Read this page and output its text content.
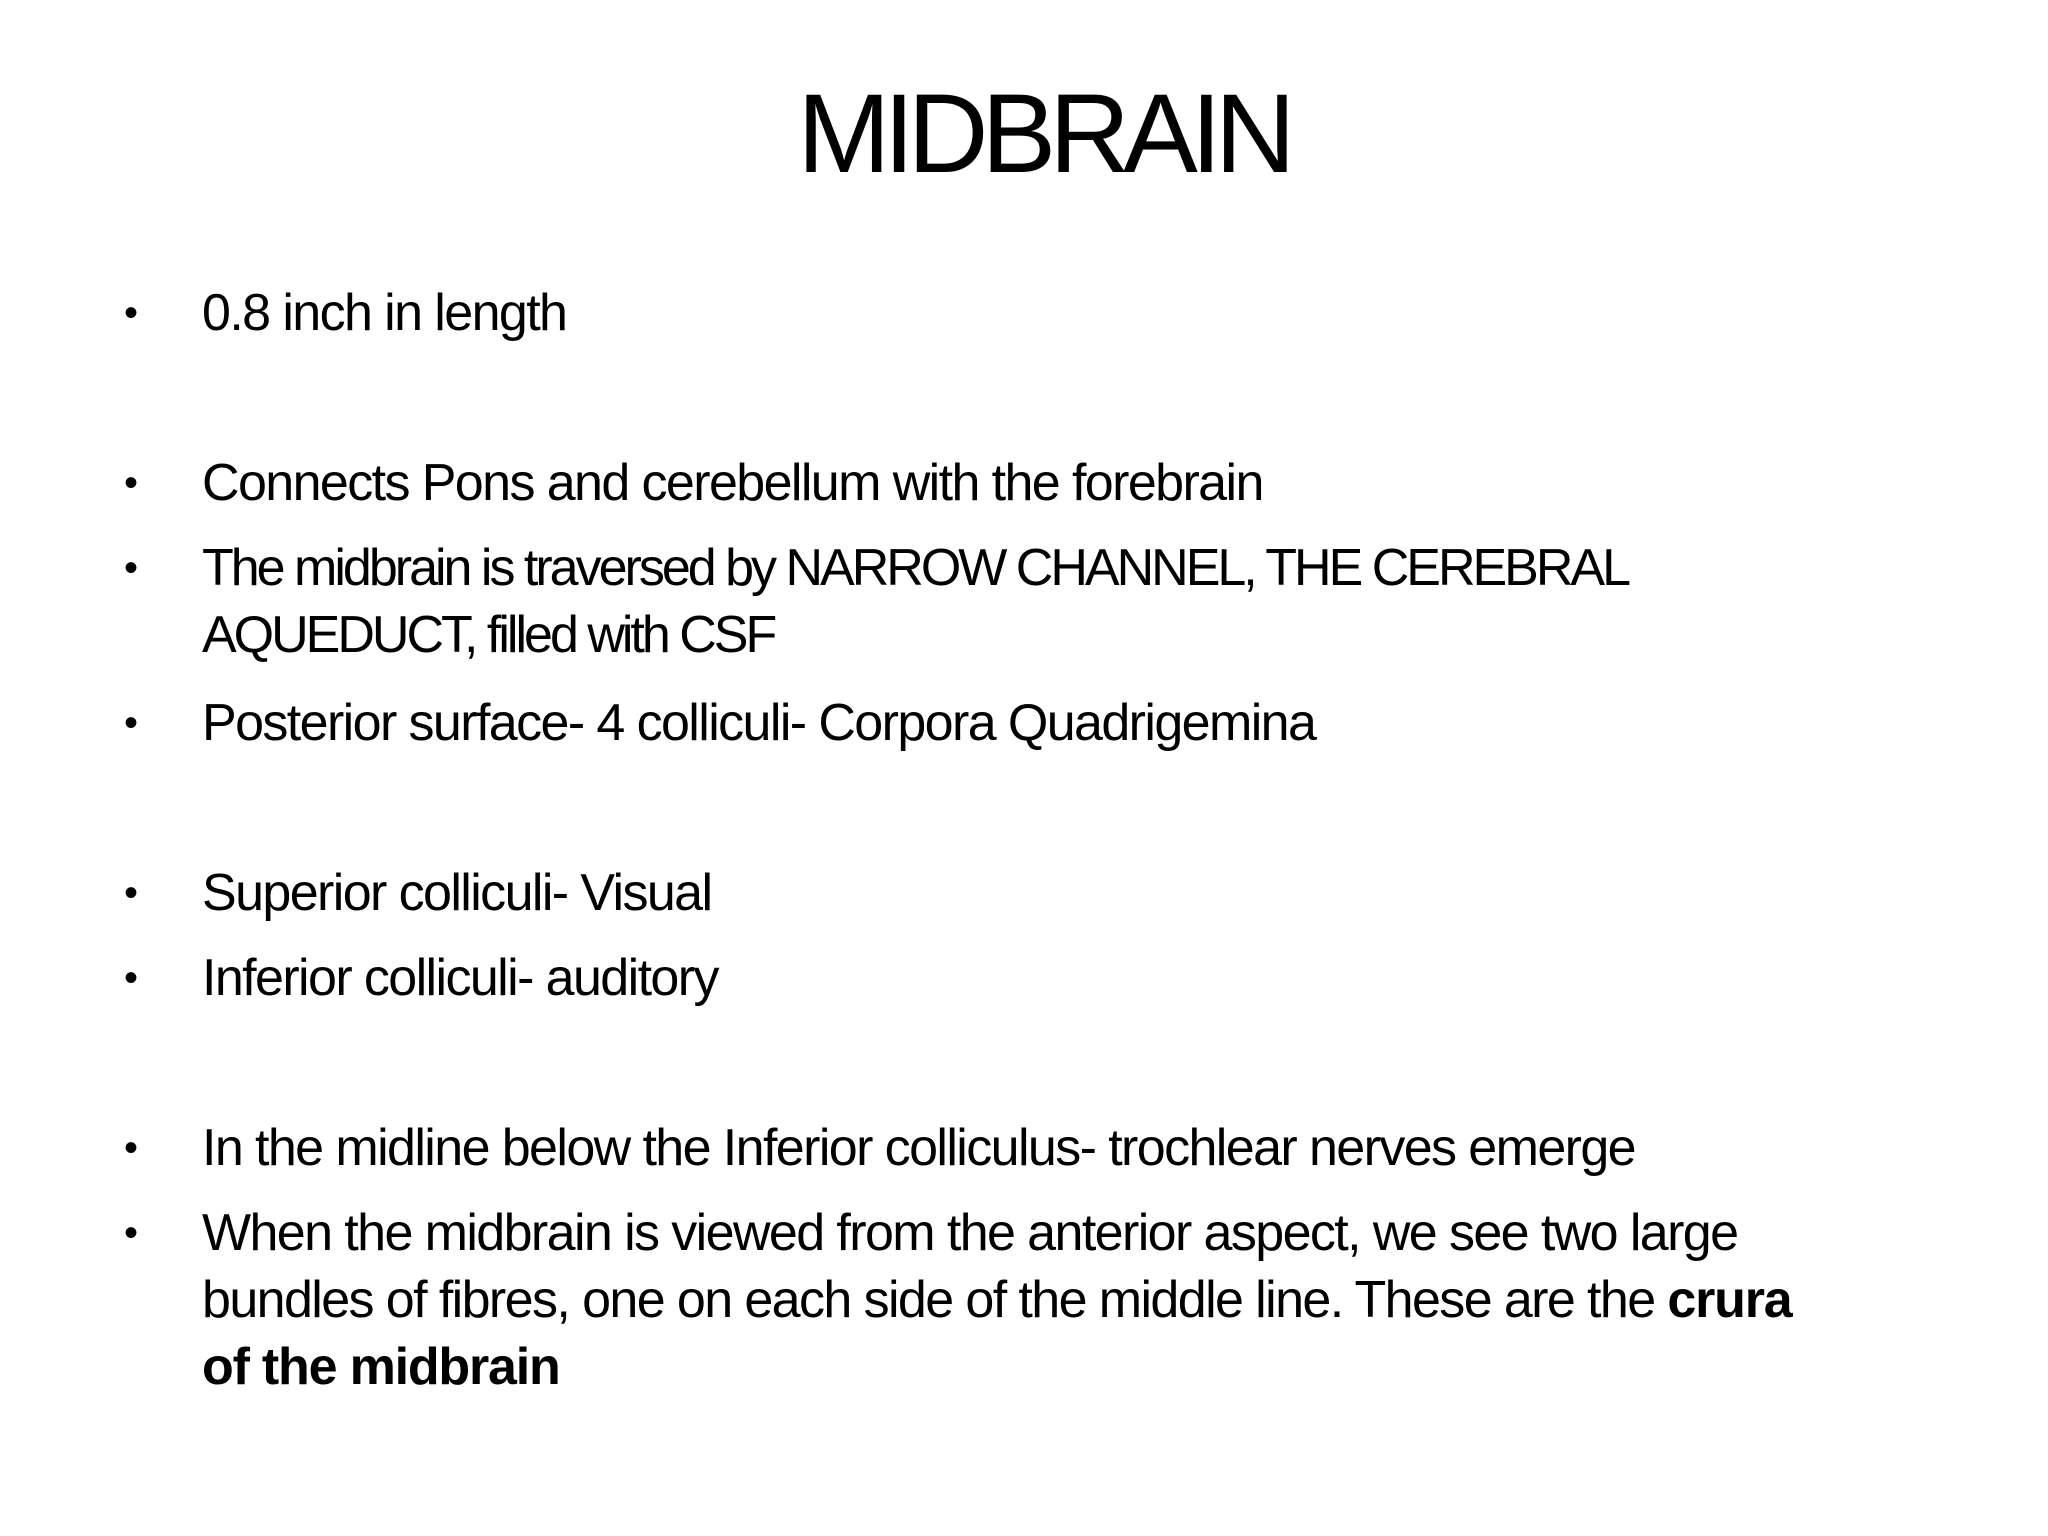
MIDBRAIN
•	0.8 inch in length
•	Connects Pons and cerebellum with the forebrain
•	The midbrain is traversed by NARROW CHANNEL, THE CEREBRAL
AQUEDUCT, filled with CSF
•	Posterior surface- 4 colliculi- Corpora Quadrigemina
•	Superior colliculi- Visual
•	Inferior colliculi- auditory
•	In the midline below the Inferior colliculus- trochlear nerves emerge
•	When the midbrain is viewed from the anterior aspect, we see two large
bundles of fibres, one on each side of the middle line. These are the crura
of the midbrain
